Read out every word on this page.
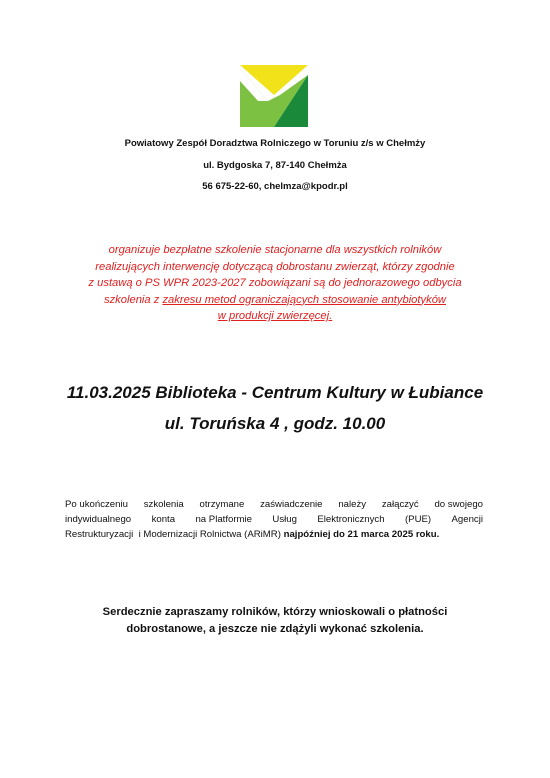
Powiatowy Zespół Doradztwa Rolniczego w Toruniu z/s w Chełmży
ul. Bydgoska 7, 87-140 Chełmża
56 675-22-60, chelmza@kpodr.pl
organizuje bezpłatne szkolenie stacjonarne dla wszystkich rolników
realizujących interwencję dotyczącą dobrostanu zwierząt, którzy zgodnie
z ustawą o PS WPR 2023-2027 zobowiązani są do jednorazowego odbycia
szkolenia z zakresu metod ograniczających stosowanie antybiotyków
w produkcji zwierzęcej.
11.03.2025 Biblioteka - Centrum Kultury w Łubiance
ul. Toruńska 4 , godz. 10.00
Po ukończeniu szkolenia otrzymane zaświadczenie należy załączyć do swojego
indywidualnego konta na Platformie Usług Elektronicznych (PUE) Agencji
Restrukturyzacji  i Modernizacji Rolnictwa (ARiMR) najpóźniej do 21 marca 2025 roku.
Serdecznie zapraszamy rolników, którzy wnioskowali o płatności
dobrostanowe, a jeszcze nie zdążyli wykonać szkolenia.
